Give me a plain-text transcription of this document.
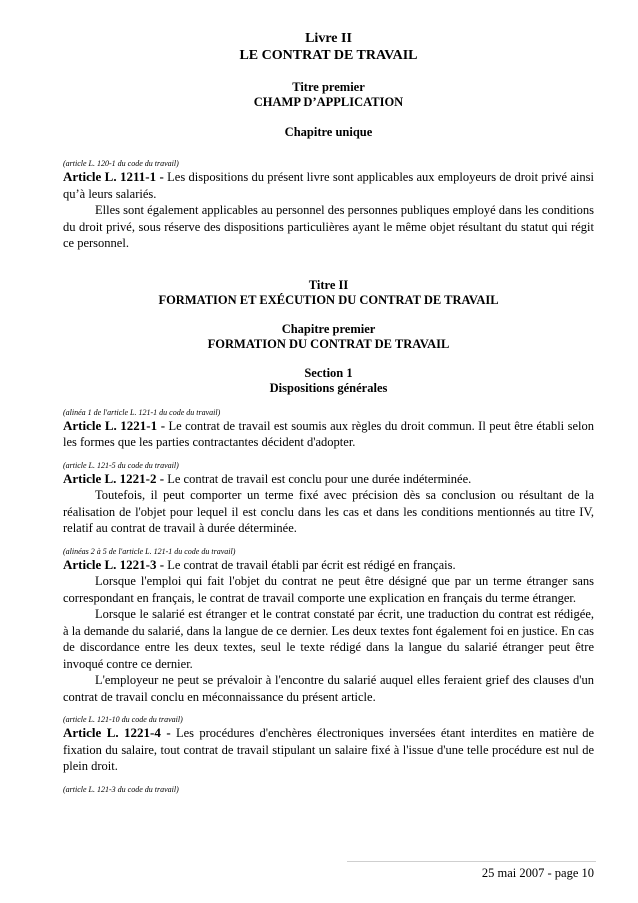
Livre II

LE CONTRAT DE TRAVAIL

Titre premier

CHAMP D’APPLICATION

Chapitre unique

(article L. 120-1 du code du travail)

Article L. 1211-1 - Les dispositions du présent livre sont applicables aux employeurs de droit privé ainsi qu’à leurs salariés.

Elles sont également applicables au personnel des personnes publiques employé dans les conditions du droit privé, sous réserve des dispositions particulières ayant le même objet résultant du statut qui régit ce personnel.

Titre II

FORMATION ET EXÉCUTION DU CONTRAT DE TRAVAIL

Chapitre premier

FORMATION DU CONTRAT DE TRAVAIL

Section 1

Dispositions générales

(alinéa 1 de l'article L. 121-1 du code du travail)

Article L. 1221-1 - Le contrat de travail est soumis aux règles du droit commun. Il peut être établi selon les formes que les parties contractantes décident d'adopter.

(article L. 121-5 du code du travail)

Article L. 1221-2 - Le contrat de travail est conclu pour une durée indéterminée.

Toutefois, il peut comporter un terme fixé avec précision dès sa conclusion ou résultant de la réalisation de l'objet pour lequel il est conclu dans les cas et dans les conditions mentionnés au titre IV, relatif au contrat de travail à durée déterminée.

(alinéas 2 à 5 de l'article L. 121-1 du code du travail)

Article L. 1221-3 - Le contrat de travail établi par écrit est rédigé en français.

Lorsque l'emploi qui fait l'objet du contrat ne peut être désigné que par un terme étranger sans correspondant en français, le contrat de travail comporte une explication en français du terme étranger.

Lorsque le salarié est étranger et le contrat constaté par écrit, une traduction du contrat est rédigée, à la demande du salarié, dans la langue de ce dernier. Les deux textes font également foi en justice. En cas de discordance entre les deux textes, seul le texte rédigé dans la langue du salarié étranger peut être invoqué contre ce dernier.

L'employeur ne peut se prévaloir à l'encontre du salarié auquel elles feraient grief des clauses d'un contrat de travail conclu en méconnaissance du présent article.

(article L. 121-10 du code du travail)

Article L. 1221-4 - Les procédures d'enchères électroniques inversées étant interdites en matière de fixation du salaire, tout contrat de travail stipulant un salaire fixé à l'issue d'une telle procédure est nul de plein droit.

(article L. 121-3 du code du travail)

25 mai 2007 - page 10
